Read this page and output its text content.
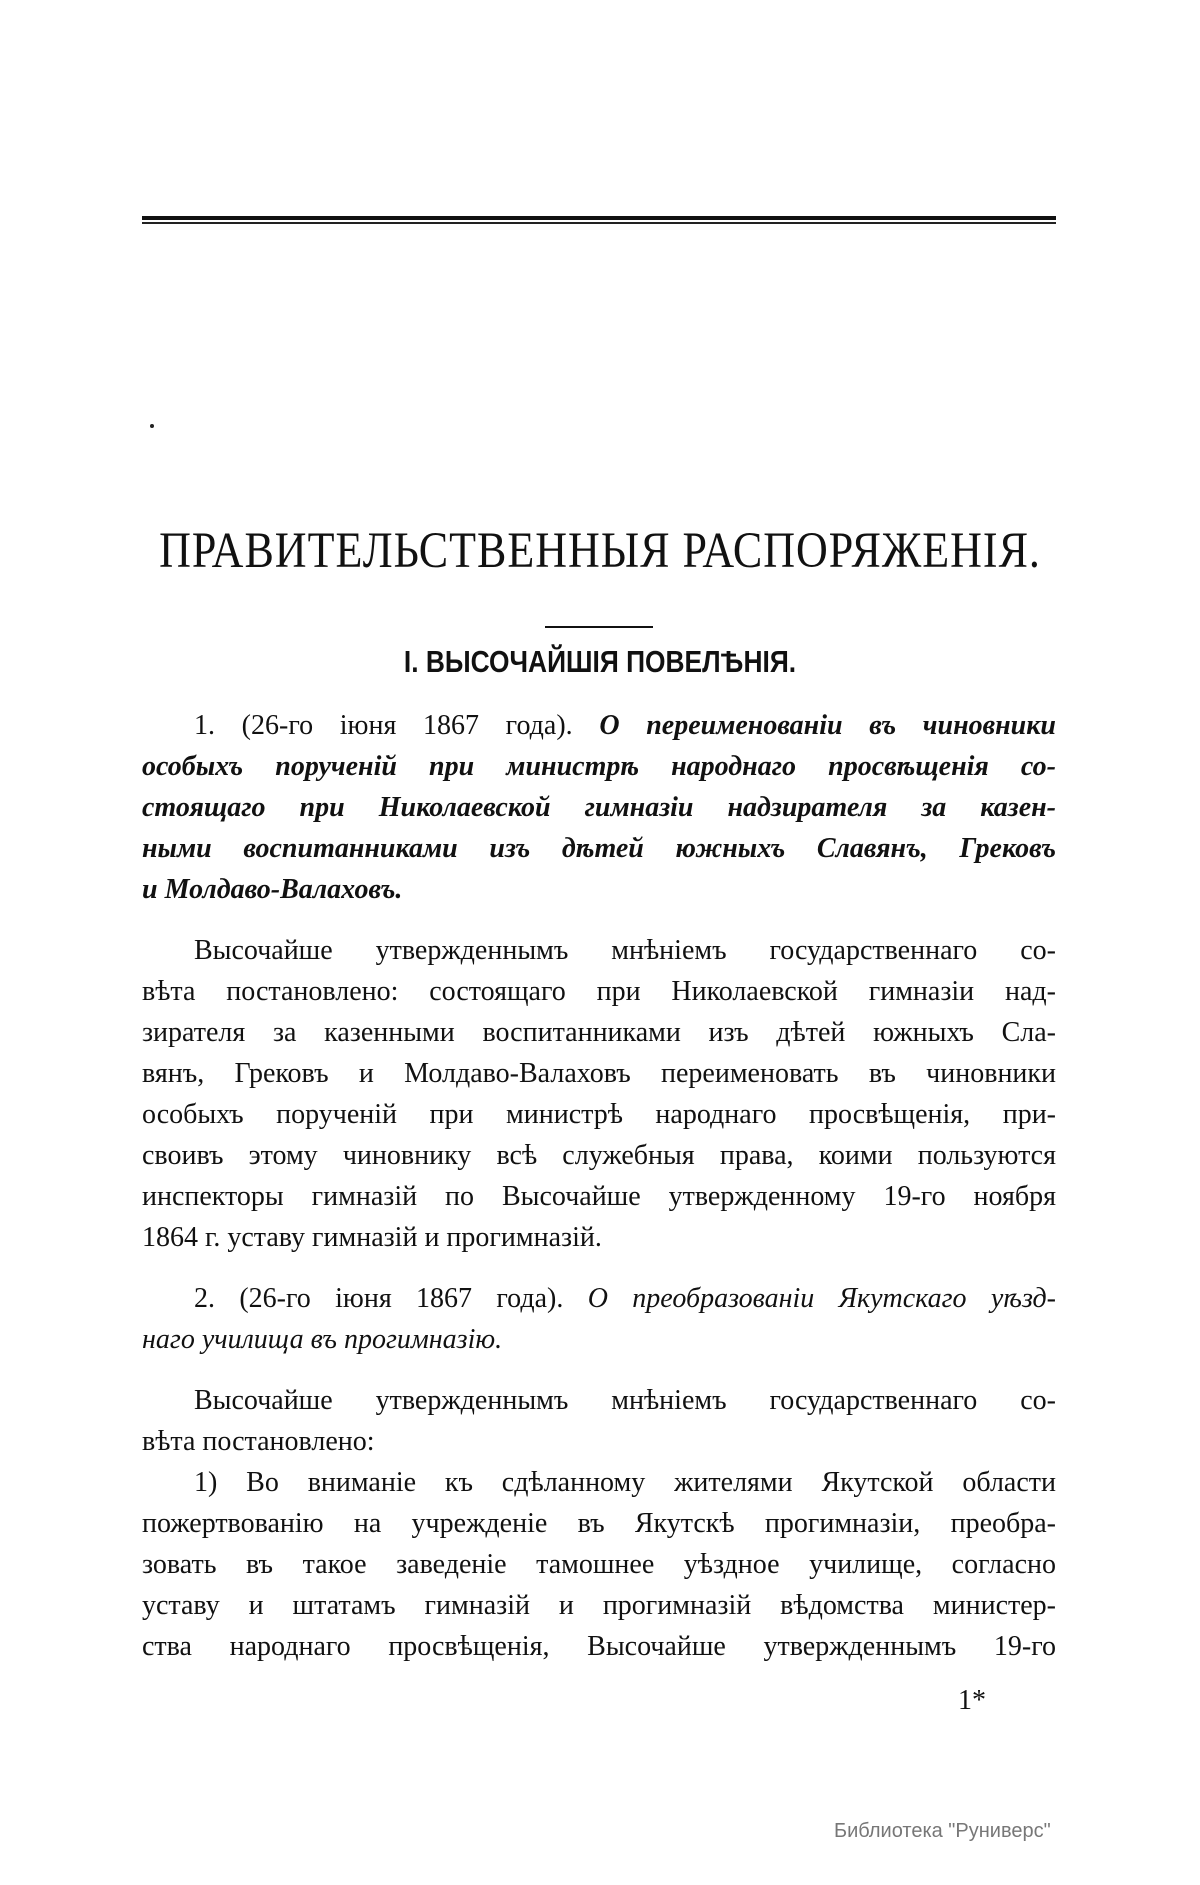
ПРАВИТЕЛЬСТВЕННЫЯ РАСПОРЯЖЕНІЯ.
I. ВЫСОЧАЙШІЯ ПОВЕЛѢНІЯ.
1. (26-го іюня 1867 года). О переименованіи въ чиновники
особыхъ порученій при министрѣ народнаго просвѣщенія со-
стоящаго при Николаевской гимназіи надзирателя за казен-
ными воспитанниками изъ дѣтей южныхъ Славянъ, Грековъ
и Молдаво-Валаховъ.
Высочайше утвержденнымъ мнѣніемъ государственнаго со-
вѣта постановлено: состоящаго при Николаевской гимназіи над-
зирателя за казенными воспитанниками изъ дѣтей южныхъ Сла-
вянъ, Грековъ и Молдаво-Валаховъ переименовать въ чиновники
особыхъ порученій при министрѣ народнаго просвѣщенія, при-
своивъ этому чиновнику всѣ служебныя права, коими пользуются
инспекторы гимназій по Высочайше утвержденному 19-го ноября
1864 г. уставу гимназій и прогимназій.
2. (26-го іюня 1867 года). О преобразованіи Якутскаго уѣзд-
наго училища въ прогимназію.
Высочайше утвержденнымъ мнѣніемъ государственнаго со-
вѣта постановлено:
1) Во вниманіе къ сдѣланному жителями Якутской области
пожертвованію на учрежденіе въ Якутскѣ прогимназіи, преобра-
зовать въ такое заведеніе тамошнее уѣздное училище, согласно
уставу и штатамъ гимназій и прогимназій вѣдомства министер-
ства народнаго просвѣщенія, Высочайше утвержденнымъ 19-го
1*
Библиотека "Руниверс"
